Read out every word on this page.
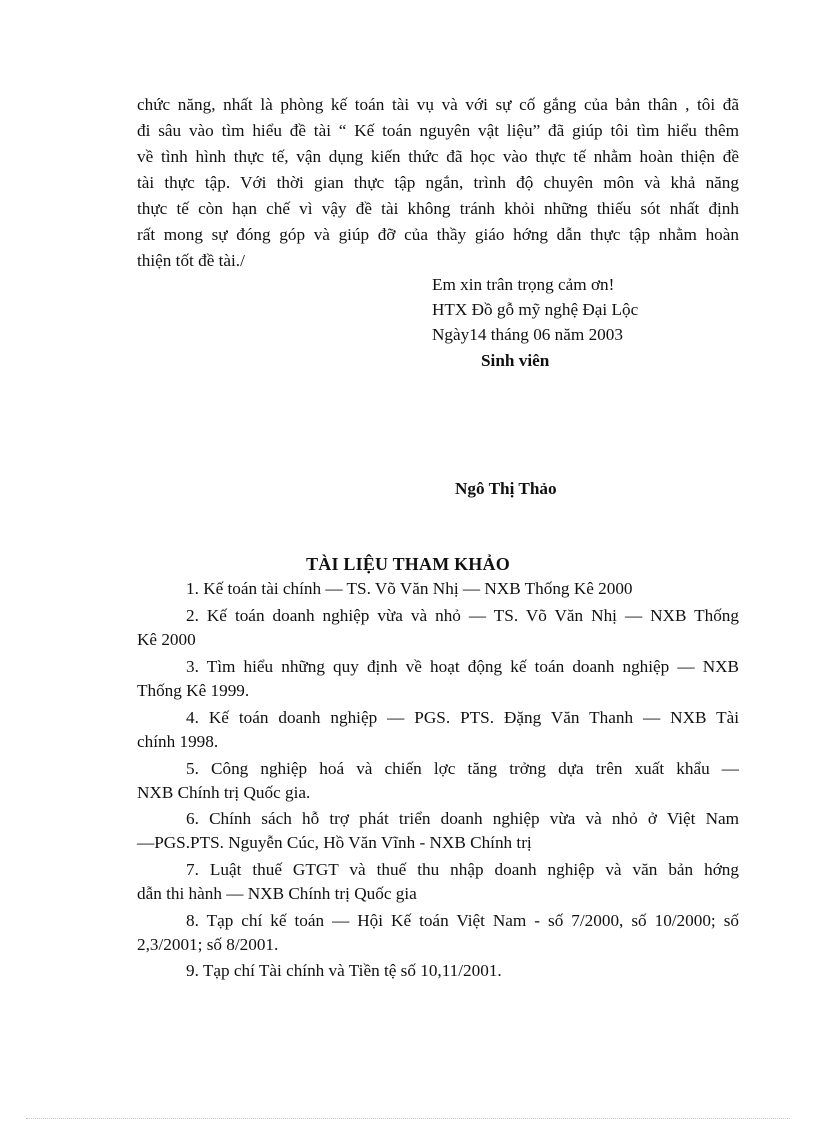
chức năng, nhất là phòng kế toán tài vụ và với sự cố gắng của bản thân , tôi đã
đi sâu vào tìm hiểu đề tài “ Kế toán nguyên vật liệu” đã giúp tôi tìm hiểu thêm
về tình hình thực tế, vận dụng kiến thức đã học vào thực tế nhằm hoàn thiện đề
tài thực tập. Với thời gian thực tập ngắn, trình độ chuyên môn và khả năng
thực tế còn hạn chế vì vậy đề tài không tránh khỏi những thiếu sót nhất định
rất mong sự đóng góp và giúp đỡ của thầy giáo hớng dẫn thực tập nhằm hoàn
thiện tốt đề tài./
Em xin trân trọng cảm ơn!
HTX Đồ gỗ mỹ nghệ Đại Lộc
Ngày14 tháng 06 năm 2003
Sinh viên
Ngô Thị Thảo
TÀI LIỆU THAM KHẢO
1. Kế toán tài chính — TS. Võ Văn Nhị — NXB Thống Kê 2000
2. Kế toán doanh nghiệp vừa và nhỏ — TS. Võ Văn Nhị — NXB Thống
Kê 2000
3. Tìm hiểu những quy định về hoạt động kế toán doanh nghiệp — NXB
Thống Kê 1999.
4. Kế toán doanh nghiệp — PGS. PTS. Đặng Văn Thanh — NXB Tài
chính 1998.
5. Công nghiệp hoá và chiến lợc tăng trởng dựa trên xuất khẩu —
NXB Chính trị Quốc gia.
6. Chính sách hỗ trợ phát triển doanh nghiệp vừa và nhỏ ở Việt Nam
—PGS.PTS. Nguyễn Cúc, Hồ Văn Vĩnh - NXB Chính trị
7. Luật thuế GTGT và thuế thu nhập doanh nghiệp và văn bản hớng
dẫn thi hành — NXB Chính trị Quốc gia
8. Tạp chí kế toán — Hội Kế toán Việt Nam - số 7/2000, số 10/2000; số
2,3/2001; số 8/2001.
9. Tạp chí Tài chính và Tiền tệ số 10,11/2001.
